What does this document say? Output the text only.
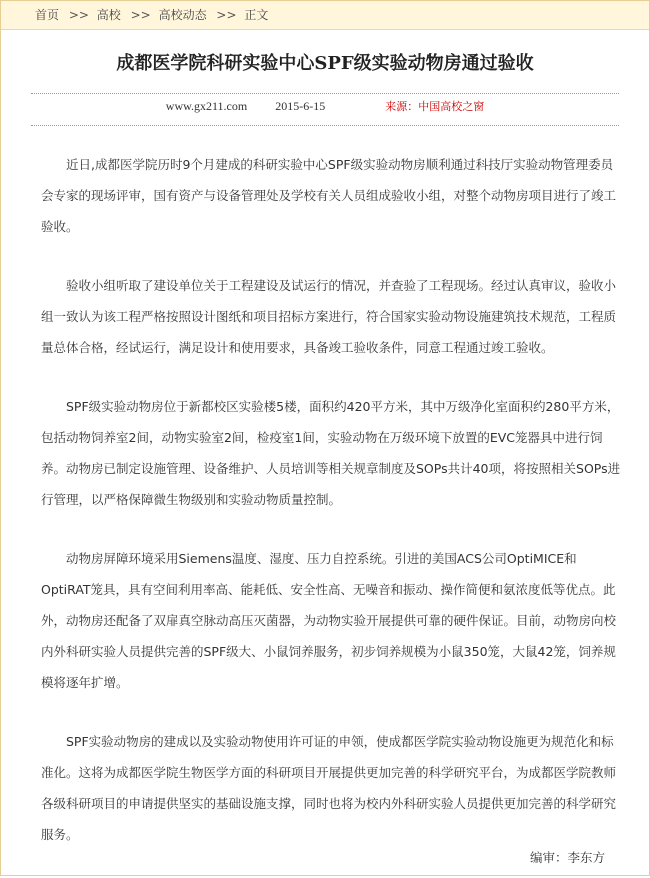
首页 >> 高校 >> 高校动态 >> 正文
成都医学院科研实验中心SPF级实验动物房通过验收
www.gx211.com 2015-6-15	来源：中国高校之窗

近日,成都医学院历时9个月建成的科研实验中心SPF级实验动物房顺利通过科技厅实验动物管理委员会专家的现场评审，国有资产与设备管理处及学校有关人员组成验收小组，对整个动物房项目进行了竣工验收。

验收小组听取了建设单位关于工程建设及试运行的情况，并查验了工程现场。经过认真审议，验收小组一致认为该工程严格按照设计图纸和项目招标方案进行，符合国家实验动物设施建筑技术规范，工程质量总体合格，经试运行，满足设计和使用要求，具备竣工验收条件，同意工程通过竣工验收。

SPF级实验动物房位于新都校区实验楼5楼，面积约420平方米，其中万级净化室面积约280平方米，包括动物饲养室2间，动物实验室2间，检疫室1间，实验动物在万级环境下放置的EVC笼器具中进行饲养。动物房已制定设施管理、设备维护、人员培训等相关规章制度及SOPs共计40项，将按照相关SOPs进行管理，以严格保障微生物级别和实验动物质量控制。

动物房屏障环境采用Siemens温度、湿度、压力自控系统。引进的美国ACS公司OptiMICE和OptiRAT笼具，具有空间利用率高、能耗低、安全性高、无噪音和振动、操作简便和氨浓度低等优点。此外，动物房还配备了双扉真空脉动高压灭菌器，为动物实验开展提供可靠的硬件保证。目前，动物房向校内外科研实验人员提供完善的SPF级大、小鼠饲养服务，初步饲养规模为小鼠350笼，大鼠42笼，饲养规模将逐年扩增。

SPF实验动物房的建成以及实验动物使用许可证的申领，使成都医学院实验动物设施更为规范化和标准化。这将为成都医学院生物医学方面的科研项目开展提供更加完善的科学研究平台，为成都医学院教师各级科研项目的申请提供坚实的基础设施支撑，同时也将为校内外科研实验人员提供更加完善的科学研究服务。

编审：李东方
